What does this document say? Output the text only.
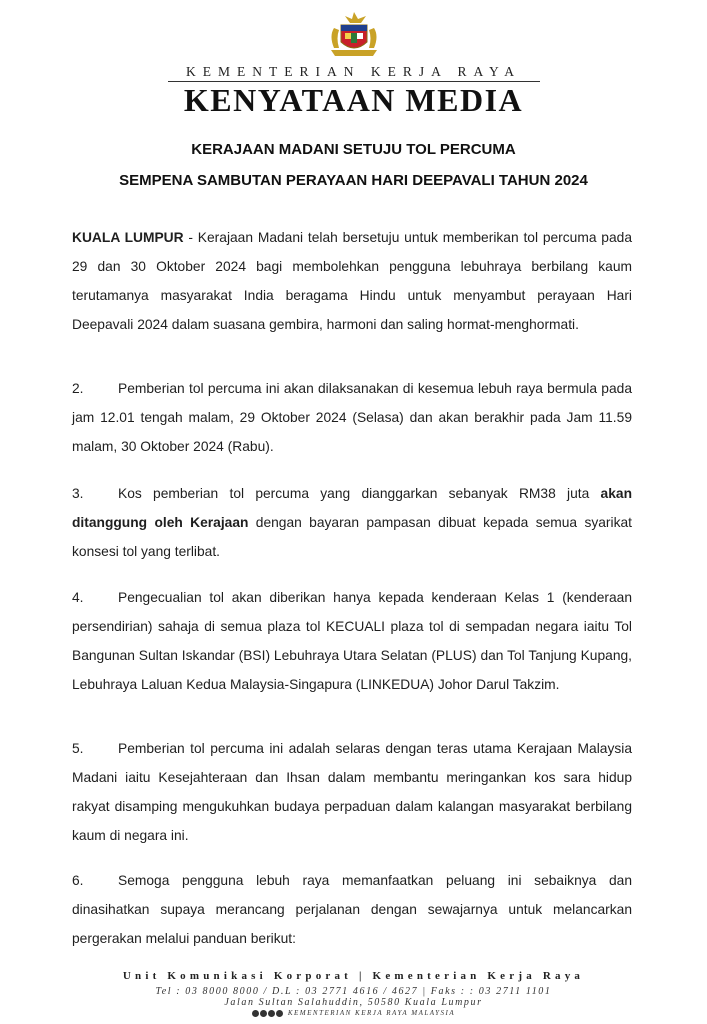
KEMENTERIAN KERJA RAYA
KENYATAAN MEDIA
KERAJAAN MADANI SETUJU TOL PERCUMA
SEMPENA SAMBUTAN PERAYAAN HARI DEEPAVALI TAHUN 2024

KUALA LUMPUR - Kerajaan Madani telah bersetuju untuk memberikan tol percuma pada 29 dan 30 Oktober 2024 bagi membolehkan pengguna lebuhraya berbilang kaum terutamanya masyarakat India beragama Hindu untuk menyambut perayaan Hari Deepavali 2024 dalam suasana gembira, harmoni dan saling hormat-menghormati.

2. Pemberian tol percuma ini akan dilaksanakan di kesemua lebuh raya bermula pada jam 12.01 tengah malam, 29 Oktober 2024 (Selasa) dan akan berakhir pada Jam 11.59 malam, 30 Oktober 2024 (Rabu).

3. Kos pemberian tol percuma yang dianggarkan sebanyak RM38 juta akan ditanggung oleh Kerajaan dengan bayaran pampasan dibuat kepada semua syarikat konsesi tol yang terlibat.

4. Pengecualian tol akan diberikan hanya kepada kenderaan Kelas 1 (kenderaan persendirian) sahaja di semua plaza tol KECUALI plaza tol di sempadan negara iaitu Tol Bangunan Sultan Iskandar (BSI) Lebuhraya Utara Selatan (PLUS) dan Tol Tanjung Kupang, Lebuhraya Laluan Kedua Malaysia-Singapura (LINKEDUA) Johor Darul Takzim.

5. Pemberian tol percuma ini adalah selaras dengan teras utama Kerajaan Malaysia Madani iaitu Kesejahteraan dan Ihsan dalam membantu meringankan kos sara hidup rakyat disamping mengukuhkan budaya perpaduan dalam kalangan masyarakat berbilang kaum di negara ini.

6. Semoga pengguna lebuh raya memanfaatkan peluang ini sebaiknya dan dinasihatkan supaya merancang perjalanan dengan sewajarnya untuk melancarkan pergerakan melalui panduan berikut:

Unit Komunikasi Korporat | Kementerian Kerja Raya
Tel : 03 8000 8000 / D.L : 03 2771 4616 / 4627 | Faks : : 03 2711 1101
Jalan Sultan Salahuddin, 50580 Kuala Lumpur
KEMENTERIAN KERJA RAYA MALAYSIA
